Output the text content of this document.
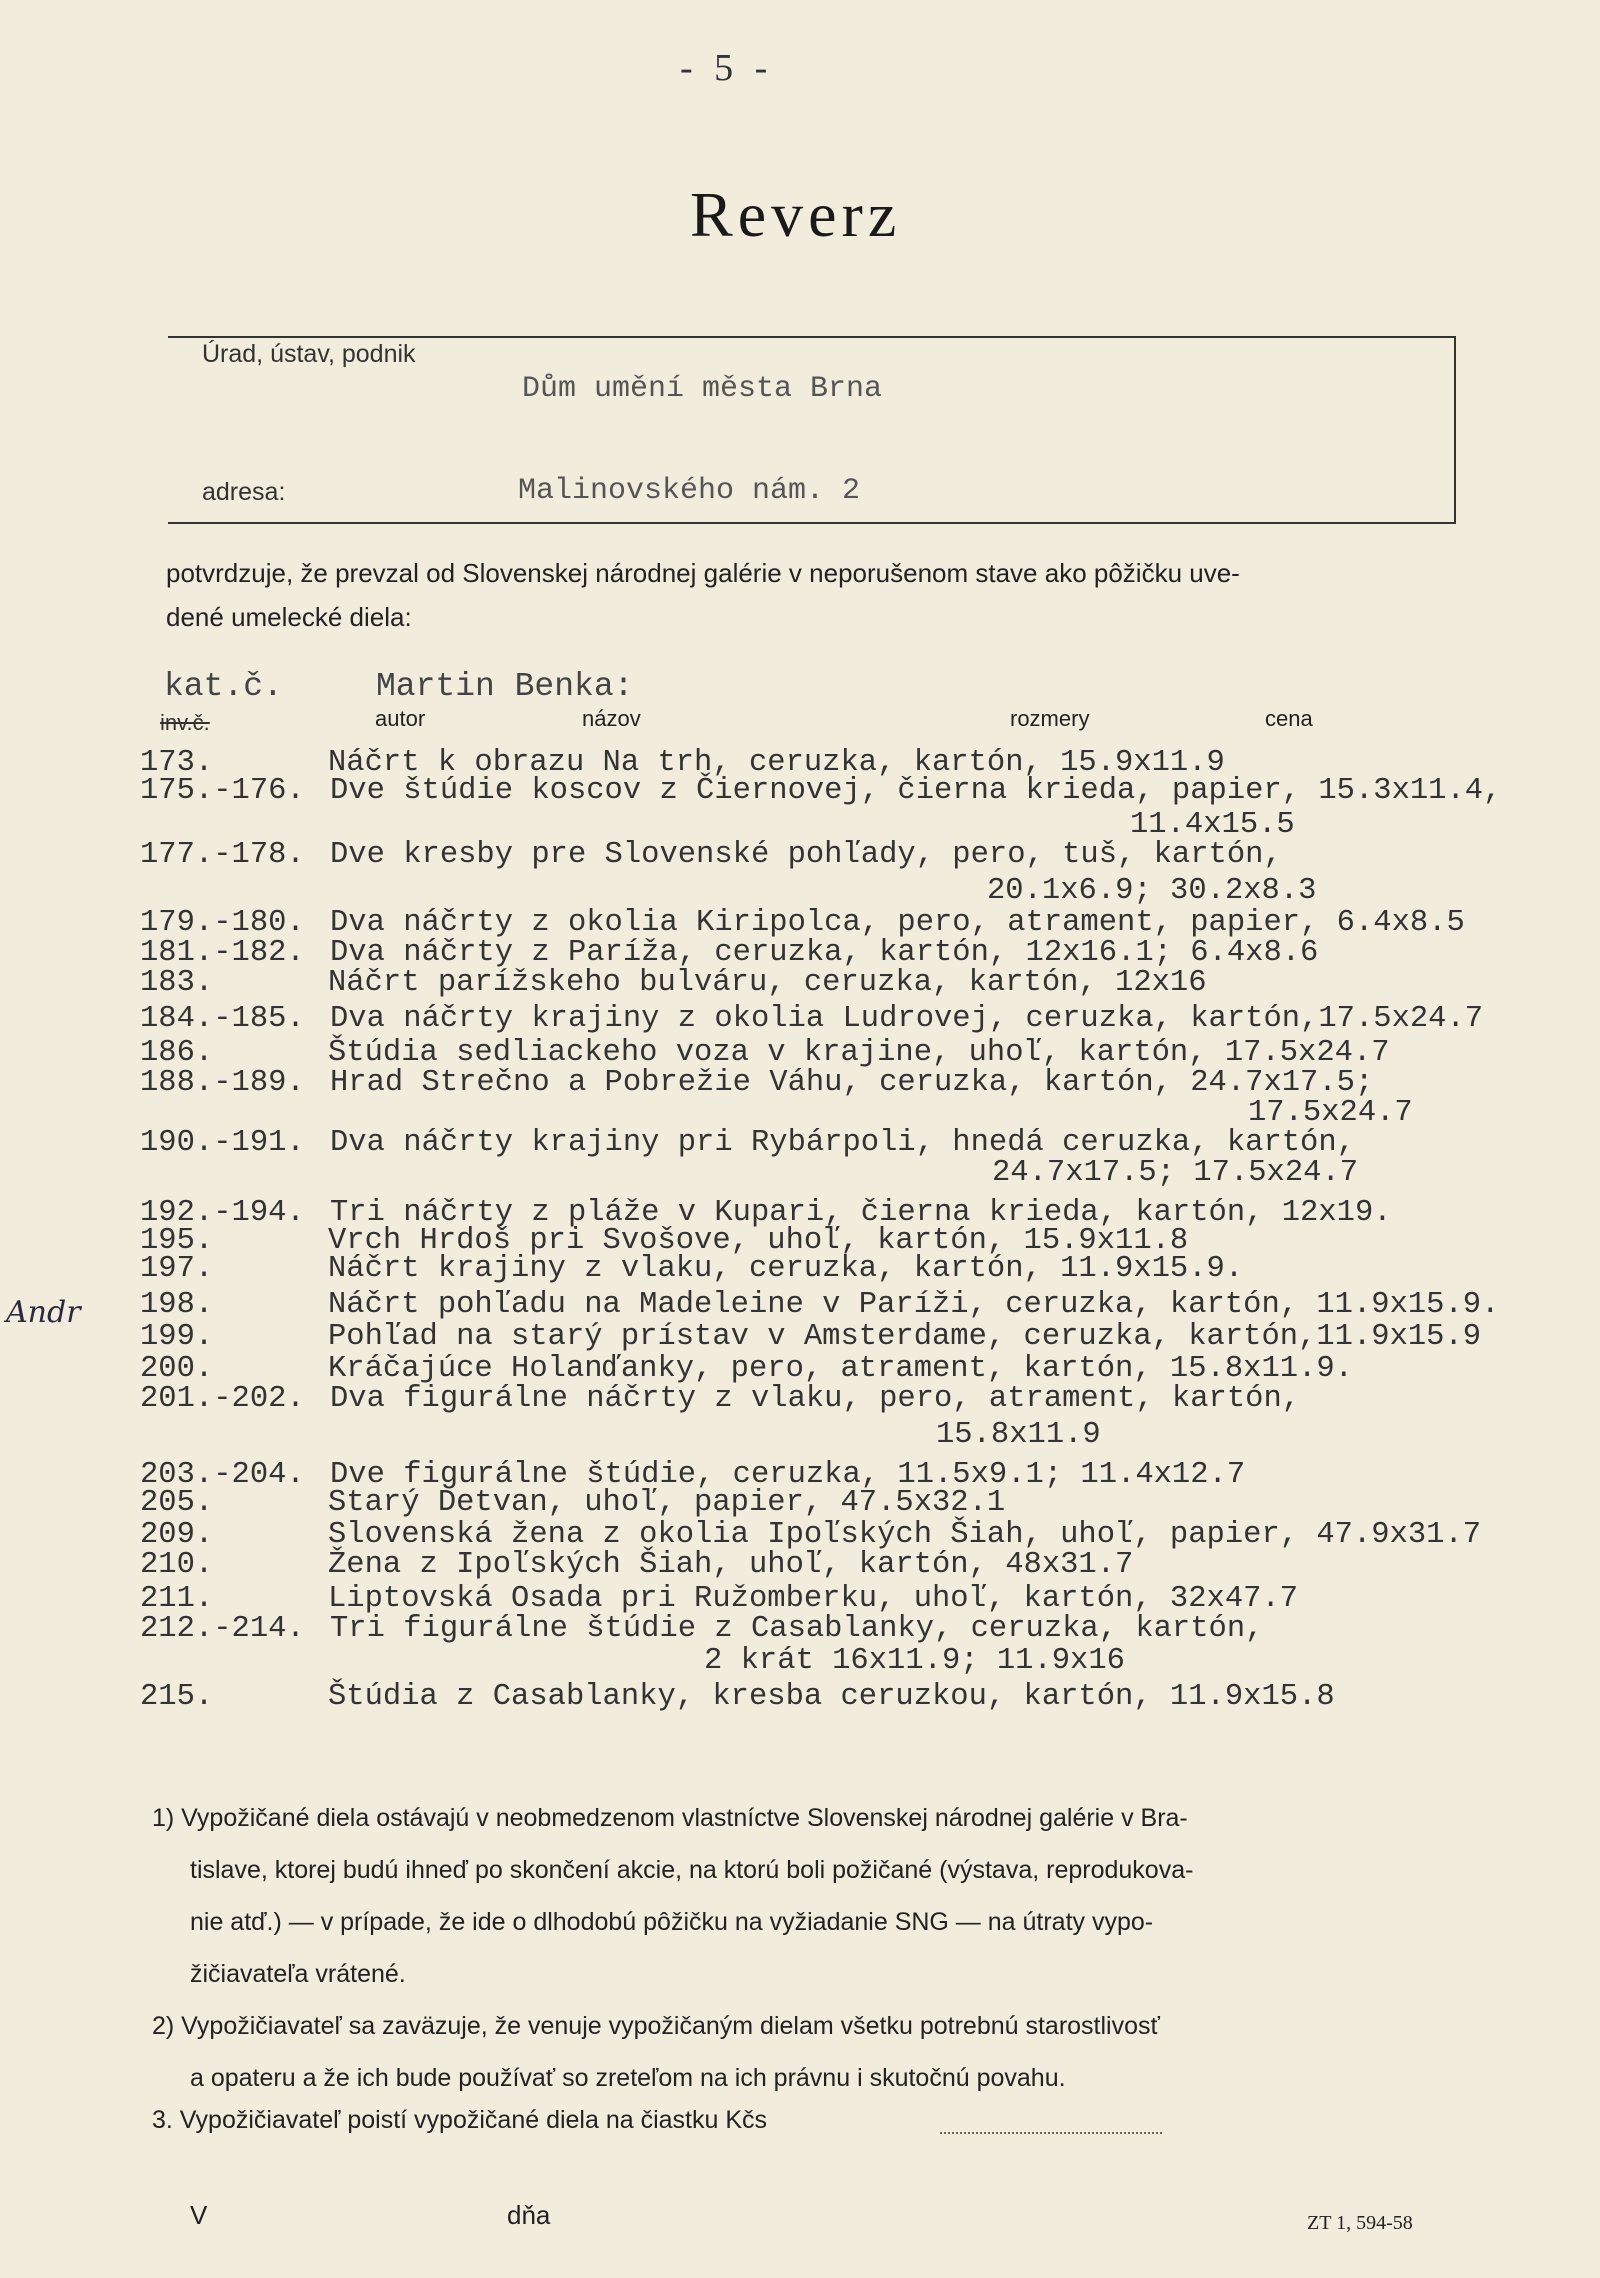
- 5 -
Reverz
Úrad, ústav, podnik
Dům umění města Brna
adresa:	Malinovského nám. 2
potvrdzuje, že prevzal od Slovenskej národnej galérie v neporušenom stave ako pôžičku uve-
dené umelecké diela:
kat.č.
inv.č.
Martin Benka:
autor	názov	rozmery	cena
173.	Náčrt k obrazu Na trh, ceruzka, kartón, 15.9x11.9
175.-176. Dve štúdie koscov z Čiernovej, čierna krieda, papier, 15.3x11.4,
11.4x15.5
177.-178. Dve kresby pre Slovenské pohľady, pero, tuš, kartón,
20.1x6.9; 30.2x8.3
179.-180. Dva náčrty z okolia Kiripolca, pero, atrament, papier, 6.4x8.5
181.-182. Dva náčrty z Paríža, ceruzka, kartón, 12x16.1; 6.4x8.6
183.	Náčrt parížskeho bulváru, ceruzka, kartón, 12x16
184.-185. Dva náčrty krajiny z okolia Ludrovej, ceruzka, kartón,17.5x24.7
186.	Štúdia sedliackeho voza v krajine, uhoľ, kartón, 17.5x24.7
188.-189. Hrad Strečno a Pobrežie Váhu, ceruzka, kartón, 24.7x17.5;
17.5x24.7
190.-191. Dva náčrty krajiny pri Rybárpoli, hnedá ceruzka, kartón,
24.7x17.5; 17.5x24.7
192.-194. Tri náčrty z pláže v Kupari, čierna krieda, kartón, 12x19.
195.	Vrch Hrdoš pri Svošove, uhoľ, kartón, 15.9x11.8
197.	Náčrt krajiny z vlaku, ceruzka, kartón, 11.9x15.9.
198.	Náčrt pohľadu na Madeleine v Paríži, ceruzka, kartón, 11.9x15.9.
199.	Pohľad na starý prístav v Amsterdame, ceruzka, kartón,11.9x15.9
200.	Kráčajúce Holanďanky, pero, atrament, kartón, 15.8x11.9.
201.-202. Dva figurálne náčrty z vlaku, pero, atrament, kartón,
15.8x11.9
203.-204. Dve figurálne štúdie, ceruzka, 11.5x9.1; 11.4x12.7
205.	Starý Detvan, uhoľ, papier, 47.5x32.1
209.	Slovenská žena z okolia Ipoľských Šiah, uhoľ, papier, 47.9x31.7
210.	Žena z Ipoľských Šiah, uhoľ, kartón, 48x31.7
211.	Liptovská Osada pri Ružomberku, uhoľ, kartón, 32x47.7
212.-214. Tri figurálne štúdie z Casablanky, ceruzka, kartón,
2 krát 16x11.9; 11.9x16
215.	Štúdia z Casablanky, kresba ceruzkou, kartón, 11.9x15.8
Andr
1) Vypožičané diela ostávajú v neobmedzenom vlastníctve Slovenskej národnej galérie v Bra-
tislave, ktorej budú ihneď po skončení akcie, na ktorú boli požičané (výstava, reprodukova-
nie atď.) — v prípade, že ide o dlhodobú pôžičku na vyžiadanie SNG — na útraty vypo-
žičiavateľa vrátené.
2) Vypožičiavateľ sa zaväzuje, že venuje vypožičaným dielam všetku potrebnú starostlivosť
a opateru a že ich bude používať so zreteľom na ich právnu i skutočnú povahu.
3. Vypožičiavateľ poistí vypožičané diela na čiastku Kčs
V	dňa	ZT 1, 594-58
